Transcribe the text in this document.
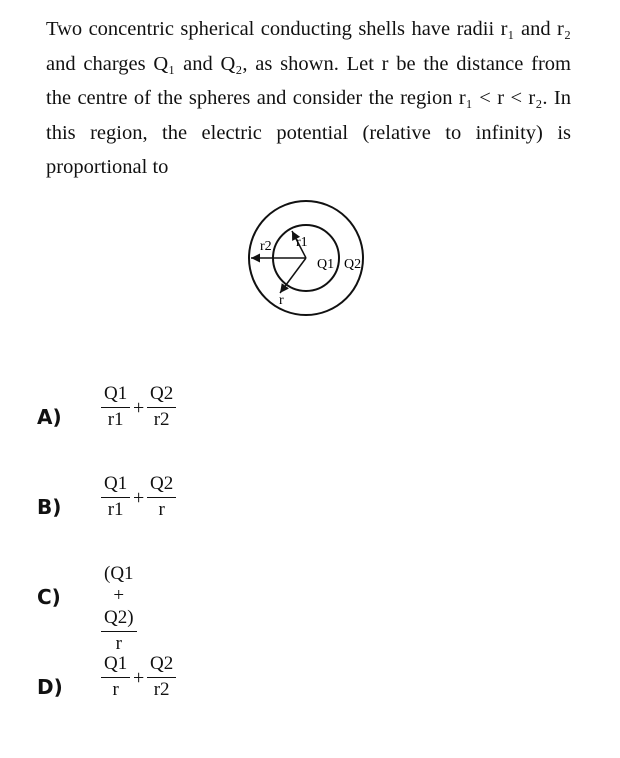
Two concentric spherical conducting shells have radii r₁ and r₂
and charges Q₁ and Q₂, as shown. Let r be the distance from
the centre of the spheres and consider the region r₁ < r < r₂. In
this region, the electric potential (relative to infinity) is
proportional to
r2 r1
r
Q1 Q2
A)
Q1
r1
+
Q2
r2
B)
Q1
r1
+
Q2
r
C)
(Q1 + Q2)
r
D)
Q1
r
+
Q2
r2
